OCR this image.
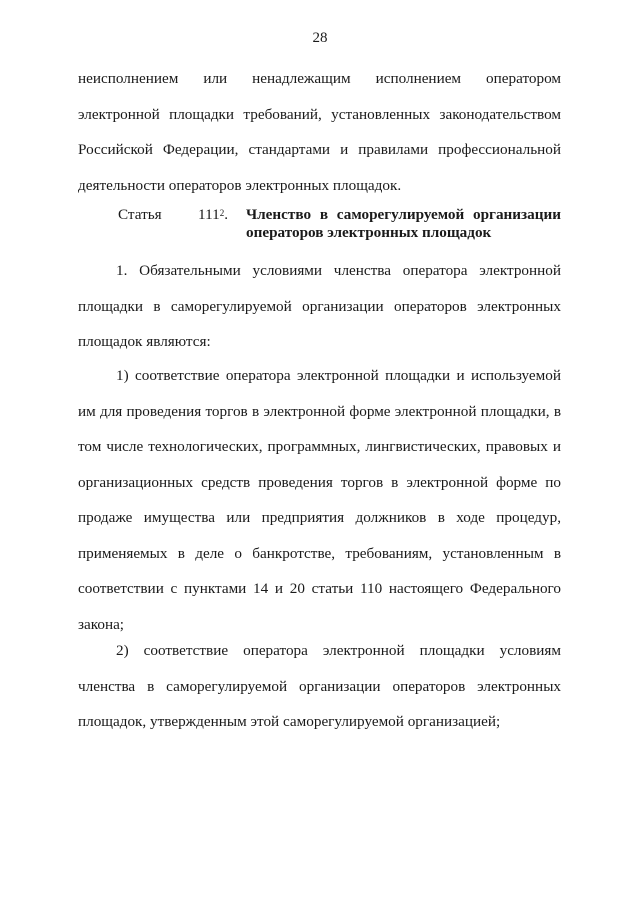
28

неисполнением или ненадлежащим исполнением оператором электронной площадки требований, установленных законодательством Российской Федерации, стандартами и правилами профессиональной деятельности операторов электронных площадок.

Статья $111^2$. Членство в саморегулируемой организации
операторов электронных площадок

1. Обязательными условиями членства оператора электронной площадки в саморегулируемой организации операторов электронных площадок являются:

1) соответствие оператора электронной площадки и используемой им для проведения торгов в электронной форме электронной площадки, в том числе технологических, программных, лингвистических, правовых и организационных средств проведения торгов в электронной форме по продаже имущества или предприятия должников в ходе процедур, применяемых в деле о банкротстве, требованиям, установленным в соответствии с пунктами 14 и 20 статьи 110 настоящего Федерального закона;

2) соответствие оператора электронной площадки условиям членства в саморегулируемой организации операторов электронных площадок, утвержденным этой саморегулируемой организацией;
